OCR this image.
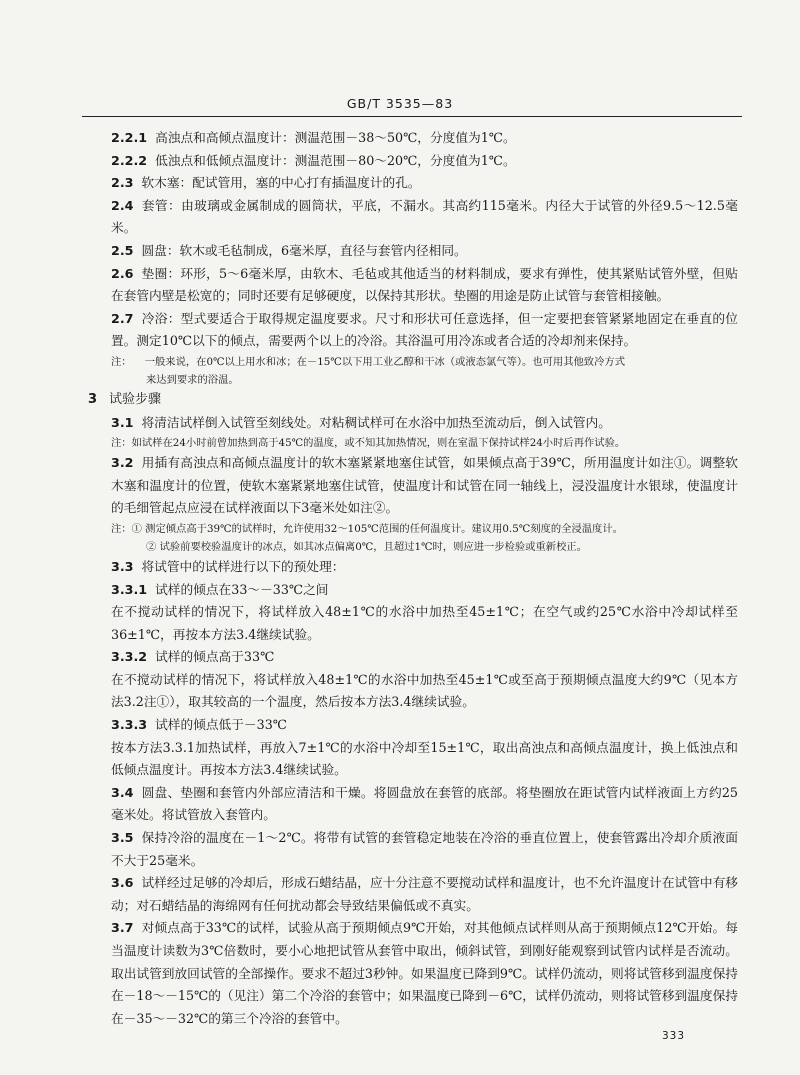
GB/T 3535—83

2.2.1 高浊点和高倾点温度计：测温范围－38～50℃，分度值为1℃。

2.2.2 低浊点和低倾点温度计：测温范围－80～20℃，分度值为1℃。

2.3 软木塞：配试管用，塞的中心打有插温度计的孔。

2.4 套管：由玻璃或金属制成的圆筒状，平底，不漏水。其高约115毫米。内径大于试管的外径9.5～12.5毫米。

2.5 圆盘：软木或毛毡制成，6毫米厚，直径与套管内径相同。

2.6 垫圈：环形，5～6毫米厚，由软木、毛毡或其他适当的材料制成，要求有弹性，使其紧贴试管外壁，但贴在套管内壁是松宽的；同时还要有足够硬度，以保持其形状。垫圈的用途是防止试管与套管相接触。

2.7 冷浴：型式要适合于取得规定温度要求。尺寸和形状可任意选择，但一定要把套管紧紧地固定在垂直的位置。测定10℃以下的倾点，需要两个以上的冷浴。其浴温可用冷冻或者合适的冷却剂来保持。

注： 一般来说，在0℃以上用水和冰；在－15℃以下用工业乙醇和干冰（或液态氯气等）。也可用其他致冷方式

来达到要求的浴温。

3 试验步骤

3.1 将清洁试样倒入试管至刻线处。对粘稠试样可在水浴中加热至流动后，倒入试管内。

注：如试样在24小时前曾加热到高于45℃的温度，或不知其加热情况，则在室温下保持试样24小时后再作试验。

3.2 用插有高浊点和高倾点温度计的软木塞紧紧地塞住试管，如果倾点高于39℃，所用温度计如注①。调整软木塞和温度计的位置，使软木塞紧紧地塞住试管，使温度计和试管在同一轴线上，浸没温度计水银球，使温度计的毛细管起点应浸在试样液面以下3毫米处如注②。

注：① 测定倾点高于39℃的试样时，允许使用32～105℃范围的任何温度计。建议用0.5℃刻度的全浸温度计。

② 试验前要校验温度计的冰点，如其冰点偏离0℃，且超过1℃时，则应进一步检验或重新校正。

3.3 将试管中的试样进行以下的预处理：

3.3.1 试样的倾点在33～－33℃之间

在不搅动试样的情况下，将试样放入48±1℃的水浴中加热至45±1℃；在空气或约25℃水浴中冷却试样至36±1℃，再按本方法3.4继续试验。

3.3.2 试样的倾点高于33℃

在不搅动试样的情况下，将试样放入48±1℃的水浴中加热至45±1℃或至高于预期倾点温度大约9℃（见本方法3.2注①），取其较高的一个温度，然后按本方法3.4继续试验。

3.3.3 试样的倾点低于－33℃

按本方法3.3.1加热试样，再放入7±1℃的水浴中冷却至15±1℃，取出高浊点和高倾点温度计，换上低浊点和低倾点温度计。再按本方法3.4继续试验。

3.4 圆盘、垫圈和套管内外部应清洁和干燥。将圆盘放在套管的底部。将垫圈放在距试管内试样液面上方约25毫米处。将试管放入套管内。

3.5 保持冷浴的温度在－1～2℃。将带有试管的套管稳定地装在冷浴的垂直位置上，使套管露出冷却介质液面不大于25毫米。

3.6 试样经过足够的冷却后，形成石蜡结晶，应十分注意不要搅动试样和温度计，也不允许温度计在试管中有移动；对石蜡结晶的海绵网有任何扰动都会导致结果偏低或不真实。

3.7 对倾点高于33℃的试样，试验从高于预期倾点9℃开始，对其他倾点试样则从高于预期倾点12℃开始。每当温度计读数为3℃倍数时，要小心地把试管从套管中取出，倾斜试管，到刚好能观察到试管内试样是否流动。取出试管到放回试管的全部操作。要求不超过3秒钟。如果温度已降到9℃。试样仍流动，则将试管移到温度保持在－18～－15℃的（见注）第二个冷浴的套管中；如果温度已降到－6℃，试样仍流动，则将试管移到温度保持在－35～－32℃的第三个冷浴的套管中。

333
